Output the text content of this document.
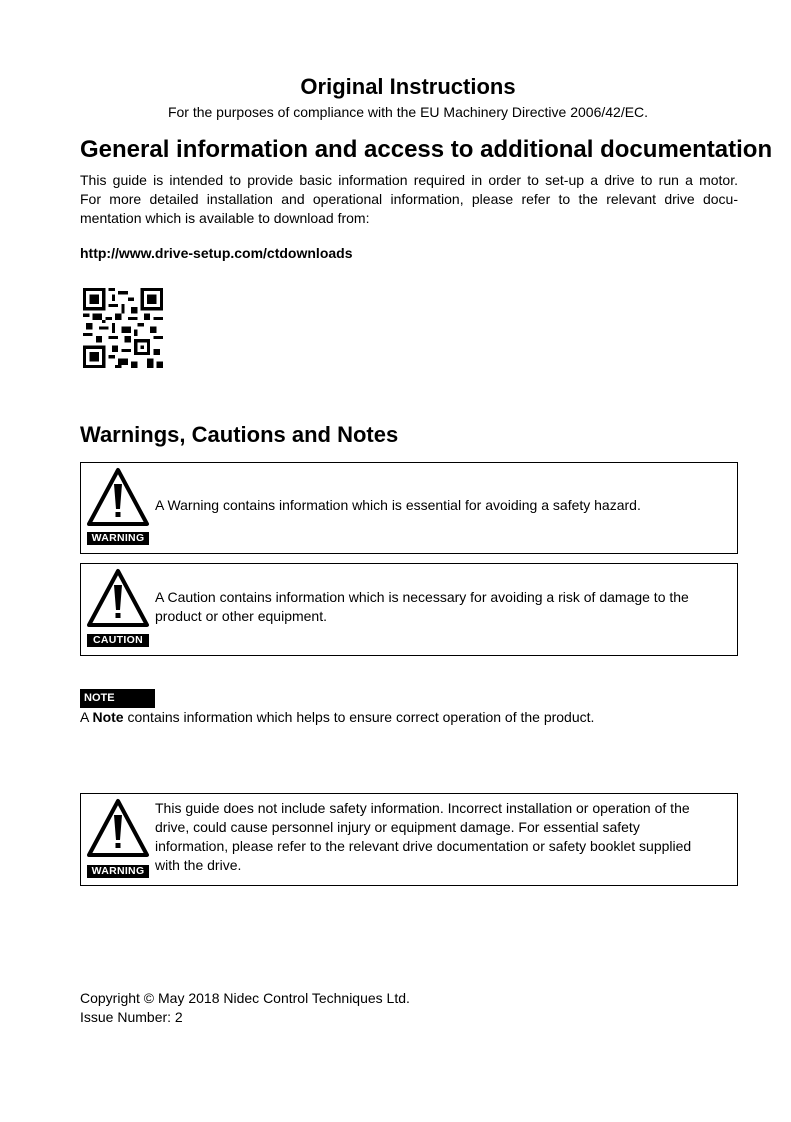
Original Instructions
For the purposes of compliance with the EU Machinery Directive 2006/42/EC.
General information and access to additional documentation
This guide is intended to provide basic information required in order to set-up a drive to run a motor.
For more detailed installation and operational information, please refer to the relevant drive docu-
mentation which is available to download from:
http://www.drive-setup.com/ctdownloads
Warnings, Cautions and Notes
WARNING
A Warning contains information which is essential for avoiding a safety hazard.
CAUTION
A Caution contains information which is necessary for avoiding a risk of damage to the
product or other equipment.
NOTE
A Note contains information which helps to ensure correct operation of the product.
WARNING
This guide does not include safety information. Incorrect installation or operation of the
drive, could cause personnel injury or equipment damage. For essential safety
information, please refer to the relevant drive documentation or safety booklet supplied
with the drive.
Copyright © May 2018 Nidec Control Techniques Ltd.
Issue Number: 2
